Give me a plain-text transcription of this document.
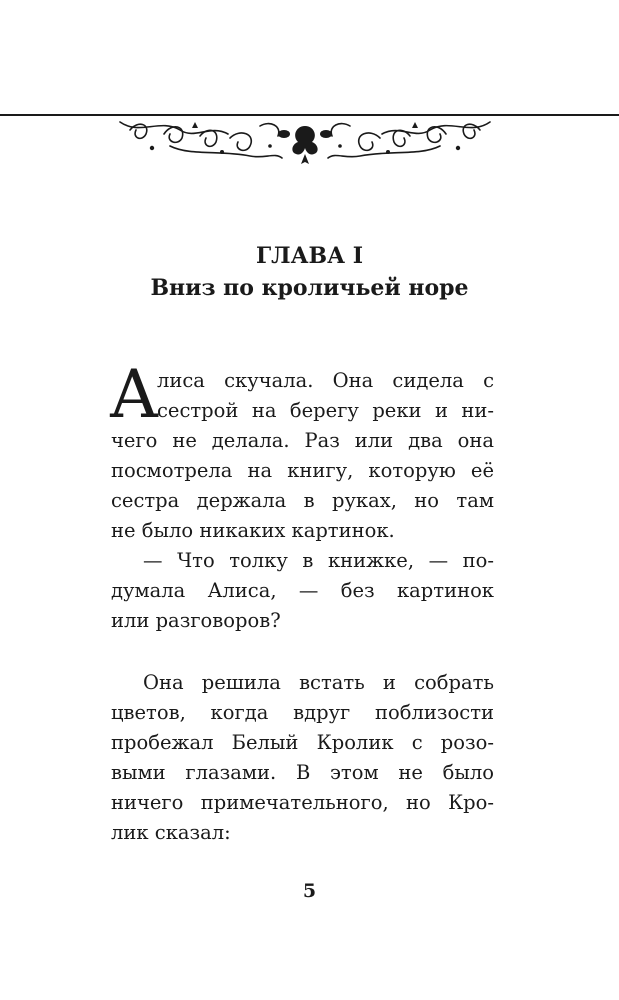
ГЛАВА I
Вниз по кроличьей норе
А
лиса скучала. Она сидела с
сестрой на берегу реки и ни-
чего не делала. Раз или два она
посмотрела на книгу, которую её
сестра держала в руках, но там
не было никаких картинок.
— Что толку в книжке, — по-
думала Алиса, — без картинок
или разговоров?
Она решила встать и собрать
цветов, когда вдруг поблизости
пробежал Белый Кролик с розо-
выми глазами. В этом не было
ничего примечательного, но Кро-
лик сказал:
5
